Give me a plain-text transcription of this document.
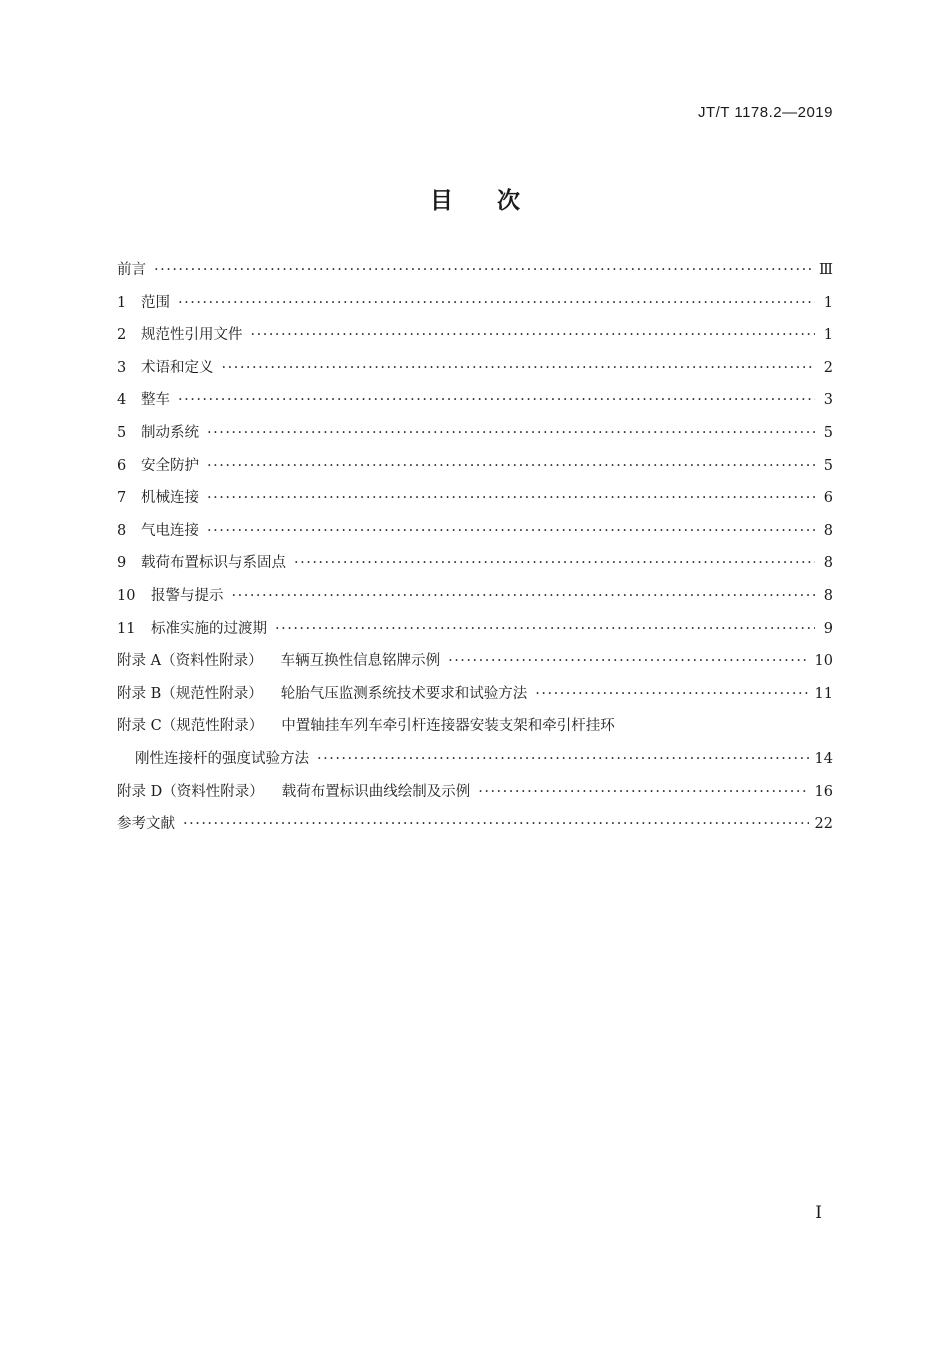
JT/T 1178.2—2019
目 次
前言 ·····	Ⅲ
1	范围 ·····	1
2	规范性引用文件 ·····	1
3	术语和定义 ·····	2
4	整车 ·····	3
5	制动系统 ·····	5
6	安全防护 ·····	5
7	机械连接 ·····	6
8	气电连接 ·····	8
9	载荷布置标识与系固点 ·····	8
10	报警与提示 ·····	8
11	标准实施的过渡期 ·····	9
附录 A（资料性附录） 车辆互换性信息铭牌示例 ·····	10
附录 B（规范性附录） 轮胎气压监测系统技术要求和试验方法 ·····	11
附录 C（规范性附录） 中置轴挂车列车牵引杆连接器安装支架和牵引杆挂环
刚性连接杆的强度试验方法 ·····	14
附录 D（资料性附录） 载荷布置标识曲线绘制及示例 ·····	16
参考文献 ·····	22
I
